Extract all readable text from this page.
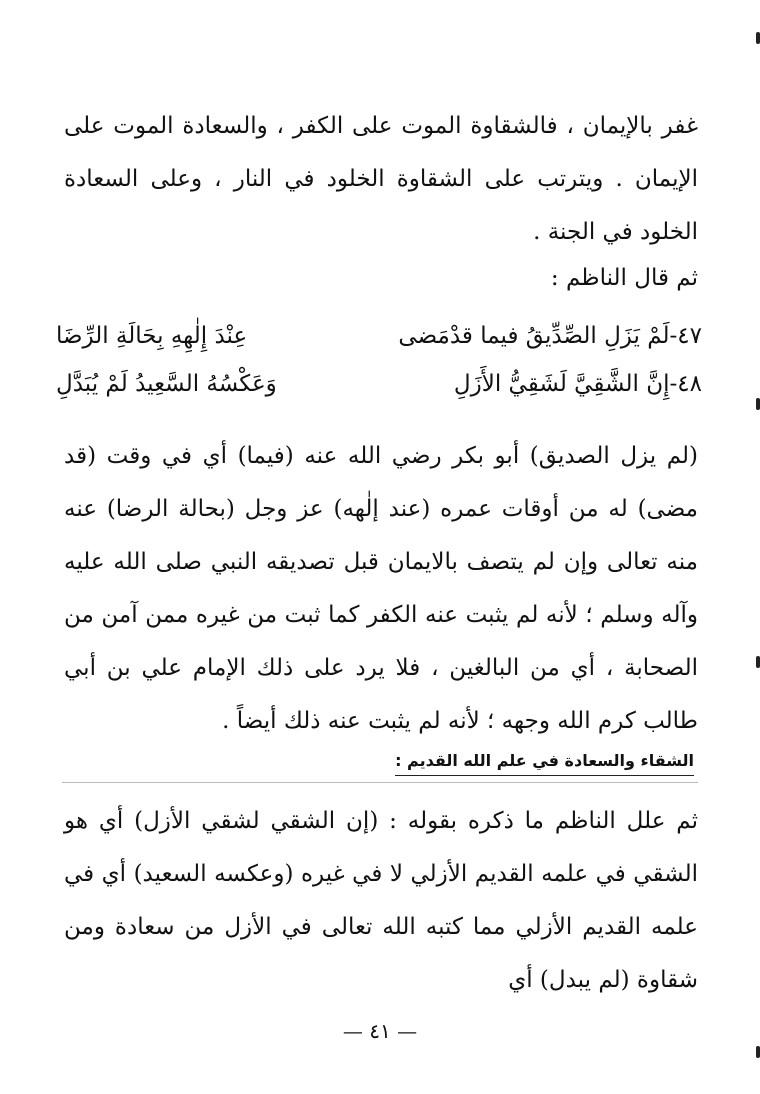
غفر بالإيمان ، فالشقاوة الموت على الكفر ، والسعادة الموت على الإيمان . ويترتب على الشقاوة الخلود في النار ، وعلى السعادة الخلود في الجنة .

ثم قال الناظم :

٤٧-لَمْ يَزَلِ الصِّدِّيقُ فيما قدْمَضى
عِنْدَ إِلٰهِهِ بِحَالَةِ الرِّضَا
٤٨-إِنَّ الشَّقِيَّ لَشَقِيُّ الأَزَلِ
وَعَكْسُهُ السَّعِيدُ لَمْ يُبَدَّلِ

(لم يزل الصديق) أبو بكر رضي الله عنه (فيما) أي في وقت (قد مضى) له من أوقات عمره (عند إلٰهه) عز وجل (بحالة الرضا) عنه منه تعالى وإن لم يتصف بالايمان قبل تصديقه النبي صلى الله عليه وآله وسلم ؛ لأنه لم يثبت عنه الكفر كما ثبت من غيره ممن آمن من الصحابة ، أي من البالغين ، فلا يرد على ذلك الإمام علي بن أبي طالب كرم الله وجهه ؛ لأنه لم يثبت عنه ذلك أيضاً .

الشقاء والسعادة في علم الله القديم :

ثم علل الناظم ما ذكره بقوله : (إن الشقي لشقي الأزل) أي هو الشقي في علمه القديم الأزلي لا في غيره (وعكسه السعيد) أي في علمه القديم الأزلي مما كتبه الله تعالى في الأزل من سعادة ومن شقاوة (لم يبدل) أي

— ٤١ —
